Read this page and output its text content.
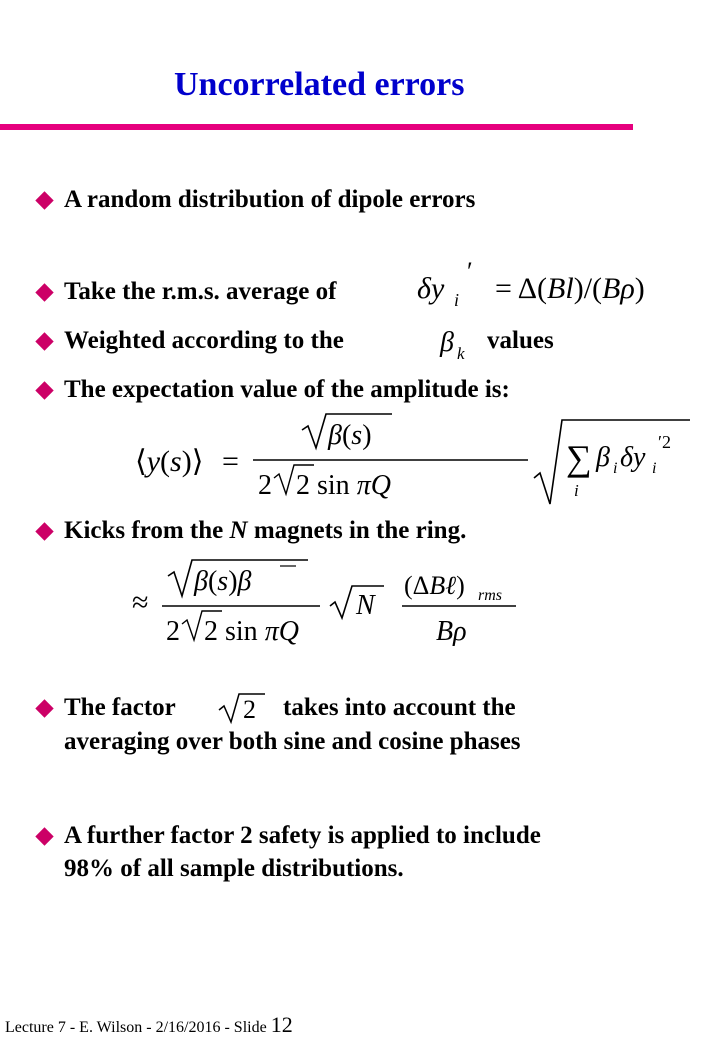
Uncorrelated errors
A random distribution of dipole errors
Take the r.m.s. average of	δy i
′
= Δ(Bl)/(Bρ)
Weighted according to the	β k values
The expectation value of the amplitude is:
⟨y(s)⟩ =
β(s)
2 2 sin πQ
∑
i
β i δy i
′2
Kicks from the N magnets in the ring.
≈
β(s)β
2 2 sin πQ
N
(ΔBℓ) rms
Bρ
The factor	2 takes into account the
averaging over both sine and cosine phases
A further factor 2 safety is applied to include
98% of all sample distributions.
Lecture 7 - E. Wilson - 2/16/2016 - Slide 12
